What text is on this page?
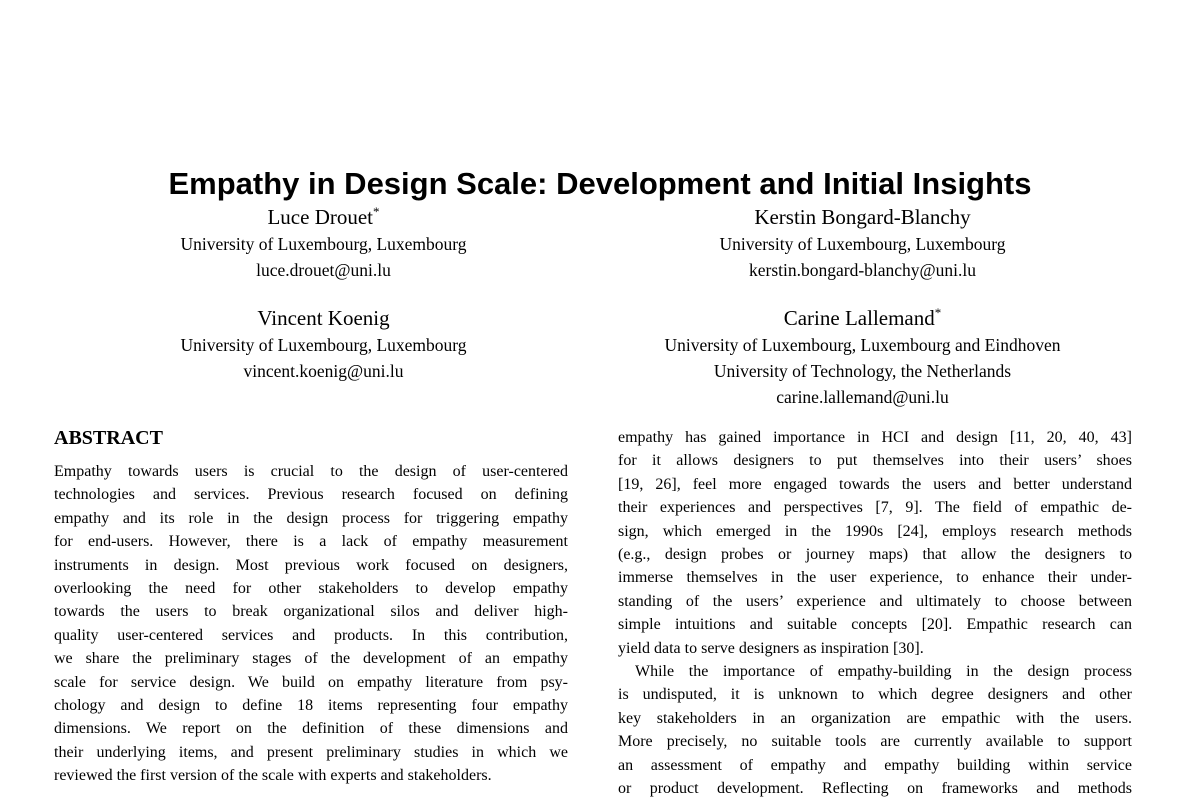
Empathy in Design Scale: Development and Initial Insights
Luce Drouet*
University of Luxembourg, Luxembourg
luce.drouet@uni.lu
Kerstin Bongard-Blanchy
University of Luxembourg, Luxembourg
kerstin.bongard-blanchy@uni.lu
Vincent Koenig
University of Luxembourg, Luxembourg
vincent.koenig@uni.lu
Carine Lallemand*
University of Luxembourg, Luxembourg and Eindhoven
University of Technology, the Netherlands
carine.lallemand@uni.lu
ABSTRACT
Empathy towards users is crucial to the design of user-centered
technologies and services. Previous research focused on defining
empathy and its role in the design process for triggering empathy
for end-users. However, there is a lack of empathy measurement
instruments in design. Most previous work focused on designers,
overlooking the need for other stakeholders to develop empathy
towards the users to break organizational silos and deliver high-
quality user-centered services and products. In this contribution,
we share the preliminary stages of the development of an empathy
scale for service design. We build on empathy literature from psy-
chology and design to define 18 items representing four empathy
dimensions. We report on the definition of these dimensions and
their underlying items, and present preliminary studies in which we
reviewed the first version of the scale with experts and stakeholders.
empathy has gained importance in HCI and design [11, 20, 40, 43]
for it allows designers to put themselves into their users’ shoes
[19, 26], feel more engaged towards the users and better understand
their experiences and perspectives [7, 9]. The field of empathic de-
sign, which emerged in the 1990s [24], employs research methods
(e.g., design probes or journey maps) that allow the designers to
immerse themselves in the user experience, to enhance their under-
standing of the users’ experience and ultimately to choose between
simple intuitions and suitable concepts [20]. Empathic research can
yield data to serve designers as inspiration [30].
While the importance of empathy-building in the design process
is undisputed, it is unknown to which degree designers and other
key stakeholders in an organization are empathic with the users.
More precisely, no suitable tools are currently available to support
an assessment of empathy and empathy building within service
or product development. Reflecting on frameworks and methods
